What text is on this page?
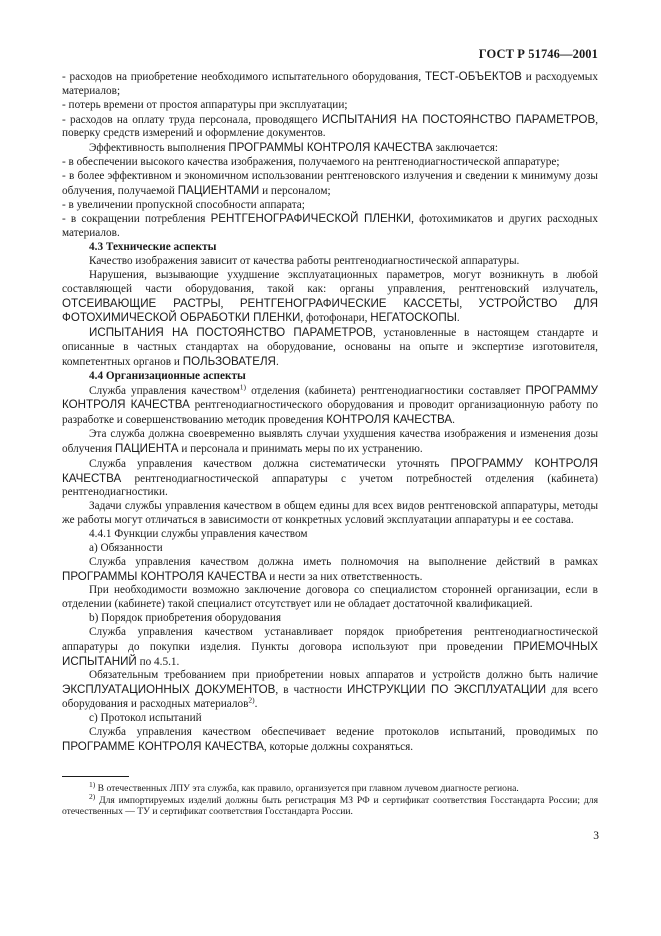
ГОСТ Р 51746—2001

- расходов на приобретение необходимого испытательного оборудования, ТЕСТ-ОБЪЕКТОВ и расходуемых материалов;

- потерь времени от простоя аппаратуры при эксплуатации;

- расходов на оплату труда персонала, проводящего ИСПЫТАНИЯ НА ПОСТОЯНСТВО ПАРАМЕТРОВ, поверку средств измерений и оформление документов.

Эффективность выполнения ПРОГРАММЫ КОНТРОЛЯ КАЧЕСТВА заключается:

- в обеспечении высокого качества изображения, получаемого на рентгенодиагностической аппаратуре;

- в более эффективном и экономичном использовании рентгеновского излучения и сведении к минимуму дозы облучения, получаемой ПАЦИЕНТАМИ и персоналом;

- в увеличении пропускной способности аппарата;

- в сокращении потребления РЕНТГЕНОГРАФИЧЕСКОЙ ПЛЕНКИ, фотохимикатов и других расходных материалов.

4.3 Технические аспекты

Качество изображения зависит от качества работы рентгенодиагностической аппаратуры.

Нарушения, вызывающие ухудшение эксплуатационных параметров, могут возникнуть в любой составляющей части оборудования, такой как: органы управления, рентгеновский излучатель, ОТСЕИВАЮЩИЕ РАСТРЫ, РЕНТГЕНОГРАФИЧЕСКИЕ КАССЕТЫ, УСТРОЙСТВО ДЛЯ ФОТОХИМИЧЕСКОЙ ОБРАБОТКИ ПЛЕНКИ, фотофонари, НЕГАТОСКОПЫ.

ИСПЫТАНИЯ НА ПОСТОЯНСТВО ПАРАМЕТРОВ, установленные в настоящем стандарте и описанные в частных стандартах на оборудование, основаны на опыте и экспертизе изготовителя, компетентных органов и ПОЛЬЗОВАТЕЛЯ.

4.4 Организационные аспекты

Служба управления качеством$^{1)}$ отделения (кабинета) рентгенодиагностики составляет ПРОГРАММУ КОНТРОЛЯ КАЧЕСТВА рентгенодиагностического оборудования и проводит организационную работу по разработке и совершенствованию методик проведения КОНТРОЛЯ КАЧЕСТВА.

Эта служба должна своевременно выявлять случаи ухудшения качества изображения и изменения дозы облучения ПАЦИЕНТА и персонала и принимать меры по их устранению.

Служба управления качеством должна систематически уточнять ПРОГРАММУ КОНТРОЛЯ КАЧЕСТВА рентгенодиагностической аппаратуры с учетом потребностей отделения (кабинета) рентгенодиагностики.

Задачи службы управления качеством в общем едины для всех видов рентгеновской аппаратуры, методы же работы могут отличаться в зависимости от конкретных условий эксплуатации аппаратуры и ее состава.

4.4.1 Функции службы управления качеством

а) Обязанности

Служба управления качеством должна иметь полномочия на выполнение действий в рамках ПРОГРАММЫ КОНТРОЛЯ КАЧЕСТВА и нести за них ответственность.

При необходимости возможно заключение договора со специалистом сторонней организации, если в отделении (кабинете) такой специалист отсутствует или не обладает достаточной квалификацией.

b) Порядок приобретения оборудования

Служба управления качеством устанавливает порядок приобретения рентгенодиагностической аппаратуры до покупки изделия. Пункты договора используют при проведении ПРИЕМОЧНЫХ ИСПЫТАНИЙ по 4.5.1.

Обязательным требованием при приобретении новых аппаратов и устройств должно быть наличие ЭКСПЛУАТАЦИОННЫХ ДОКУМЕНТОВ, в частности ИНСТРУКЦИИ ПО ЭКСПЛУАТАЦИИ для всего оборудования и расходных материалов$^{2)}$.

с) Протокол испытаний

Служба управления качеством обеспечивает ведение протоколов испытаний, проводимых по ПРОГРАММЕ КОНТРОЛЯ КАЧЕСТВА, которые должны сохраняться.

$^{1)}$ В отечественных ЛПУ эта служба, как правило, организуется при главном лучевом диагносте региона.

$^{2)}$ Для импортируемых изделий должны быть регистрация МЗ РФ и сертификат соответствия Госстандарта России; для отечественных — ТУ и сертификат соответствия Госстандарта России.

3
